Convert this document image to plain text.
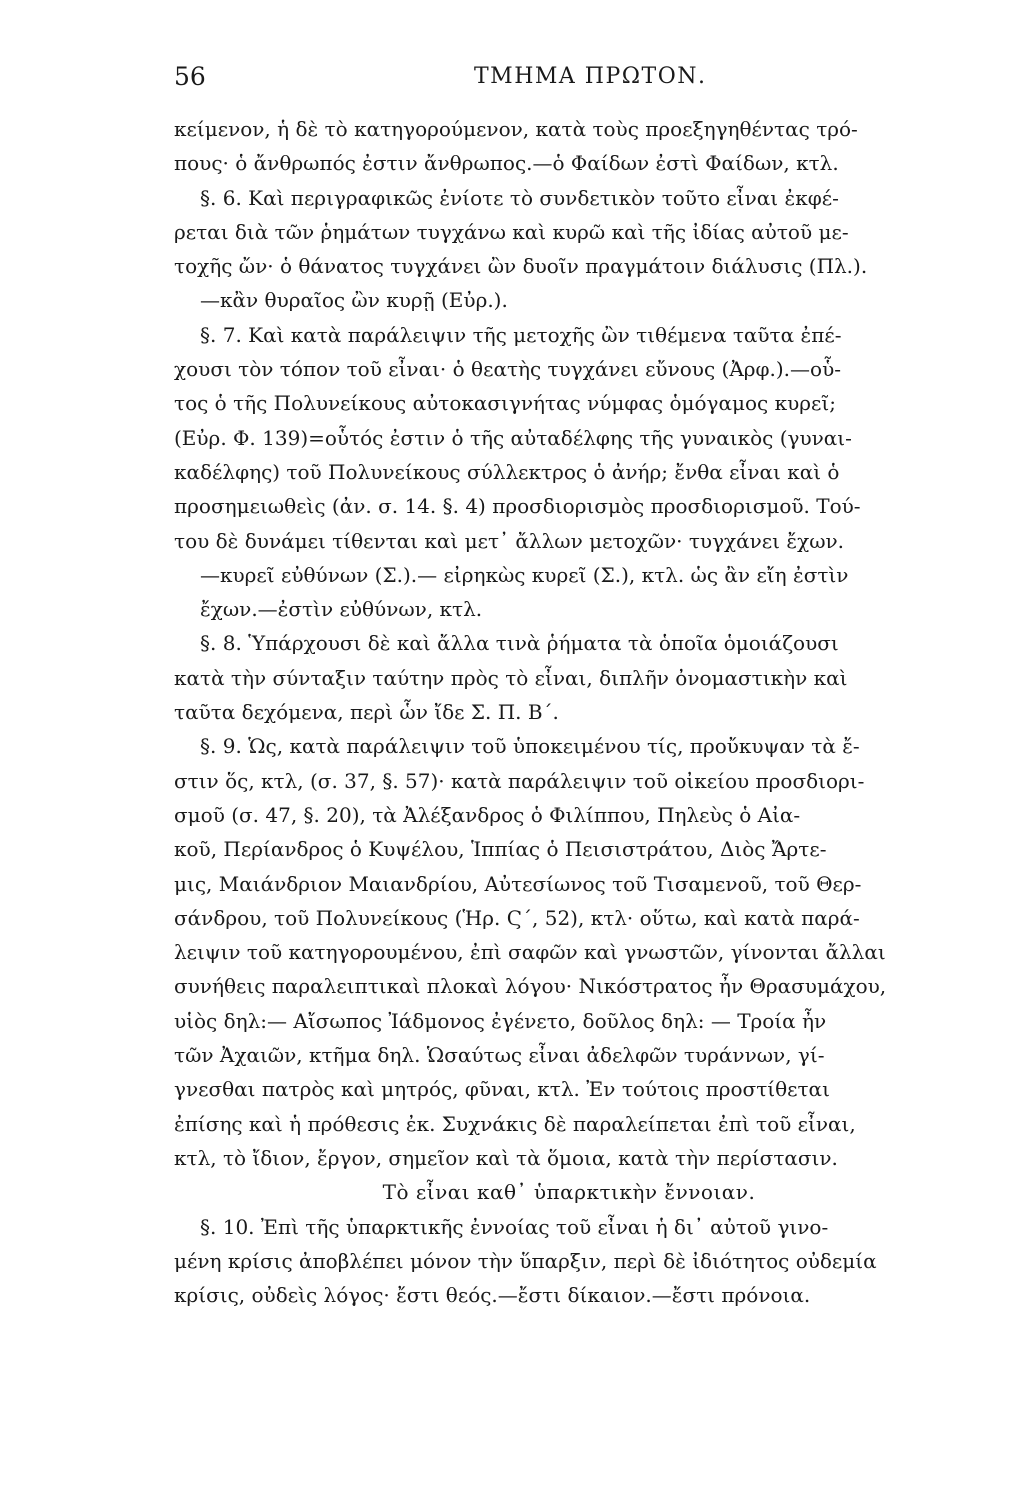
56	ΤΜΗΜΑ ΠΡΩΤΟΝ.
κείμενον, ἡ δὲ τὸ κατηγορούμενον, κατὰ τοὺς προεξηγηθέντας τρό-
πους· ὁ ἄνθρωπός ἐστιν ἄνθρωπος.—ὁ Φαίδων ἐστὶ Φαίδων, κτλ.
§. 6. Καὶ περιγραφικῶς ἐνίοτε τὸ συνδετικὸν τοῦτο εἶναι ἐκφέ-
ρεται διὰ τῶν ῥημάτων τυγχάνω καὶ κυρῶ καὶ τῆς ἰδίας αὐτοῦ με-
τοχῆς ὤν· ὁ θάνατος τυγχάνει ὢν δυοῖν πραγμάτοιν διάλυσις (Πλ.).
—κἂν θυραῖος ὢν κυρῇ (Εὐρ.).
§. 7. Καὶ κατὰ παράλειψιν τῆς μετοχῆς ὢν τιθέμενα ταῦτα ἐπέ-
χουσι τὸν τόπον τοῦ εἶναι· ὁ θεατὴς τυγχάνει εὔνους (Ἀρφ.).—οὗ-
τος ὁ τῆς Πολυνείκους αὐτοκασιγνήτας νύμφας ὁμόγαμος κυρεῖ;
(Εὐρ. Φ. 139)=οὗτός ἐστιν ὁ τῆς αὐταδέλφης τῆς γυναικὸς (γυναι-
καδέλφης) τοῦ Πολυνείκους σύλλεκτρος ὁ ἀνήρ; ἔνθα εἶναι καὶ ὁ
προσημειωθεὶς (ἀν. σ. 14. §. 4) προσδιορισμὸς προσδιορισμοῦ. Τού-
του δὲ δυνάμει τίθενται καὶ μετ᾽ ἄλλων μετοχῶν· τυγχάνει ἔχων.
—κυρεῖ εὐθύνων (Σ.).— εἰρηκὼς κυρεῖ (Σ.), κτλ. ὡς ἂν εἴη ἐστὶν
ἔχων.—ἐστὶν εὐθύνων, κτλ.
§. 8. Ὑπάρχουσι δὲ καὶ ἄλλα τινὰ ῥήματα τὰ ὁποῖα ὁμοιάζουσι
κατὰ τὴν σύνταξιν ταύτην πρὸς τὸ εἶναι, διπλῆν ὀνομαστικὴν καὶ
ταῦτα δεχόμενα, περὶ ὧν ἴδε Σ. Π. Β΄.
§. 9. Ὡς, κατὰ παράλειψιν τοῦ ὑποκειμένου τίς, προὔκυψαν τὰ ἔ-
στιν ὅς, κτλ, (σ. 37, §. 57)· κατὰ παράλειψιν τοῦ οἰκείου προσδιορι-
σμοῦ (σ. 47, §. 20), τὰ Ἀλέξανδρος ὁ Φιλίππου, Πηλεὺς ὁ Αἰα-
κοῦ, Περίανδρος ὁ Κυψέλου, Ἱππίας ὁ Πεισιστράτου, Διὸς Ἄρτε-
μις, Μαιάνδριον Μαιανδρίου, Αὐτεσίωνος τοῦ Τισαμενοῦ, τοῦ Θερ-
σάνδρου, τοῦ Πολυνείκους (Ἡρ. Ϛ΄, 52), κτλ· οὕτω, καὶ κατὰ παρά-
λειψιν τοῦ κατηγορουμένου, ἐπὶ σαφῶν καὶ γνωστῶν, γίνονται ἄλλαι
συνήθεις παραλειπτικαὶ πλοκαὶ λόγου· Νικόστρατος ἦν Θρασυμάχου,
υἱὸς δηλ:— Αἴσωπος Ἰάδμονος ἐγένετο, δοῦλος δηλ: — Τροία ἦν
τῶν Ἀχαιῶν, κτῆμα δηλ. Ὡσαύτως εἶναι ἀδελφῶν τυράννων, γί-
γνεσθαι πατρὸς καὶ μητρός, φῦναι, κτλ. Ἐν τούτοις προστίθεται
ἐπίσης καὶ ἡ πρόθεσις ἐκ. Συχνάκις δὲ παραλείπεται ἐπὶ τοῦ εἶναι,
κτλ, τὸ ἴδιον, ἔργον, σημεῖον καὶ τὰ ὅμοια, κατὰ τὴν περίστασιν.
Τὸ εἶναι καθ᾽ ὑπαρκτικὴν ἔννοιαν.
§. 10. Ἐπὶ τῆς ὑπαρκτικῆς ἐννοίας τοῦ εἶναι ἡ δι᾽ αὐτοῦ γινο-
μένη κρίσις ἀποβλέπει μόνον τὴν ὕπαρξιν, περὶ δὲ ἰδιότητος οὐδεμία
κρίσις, οὐδεὶς λόγος· ἔστι θεός.—ἔστι δίκαιον.—ἔστι πρόνοια.
